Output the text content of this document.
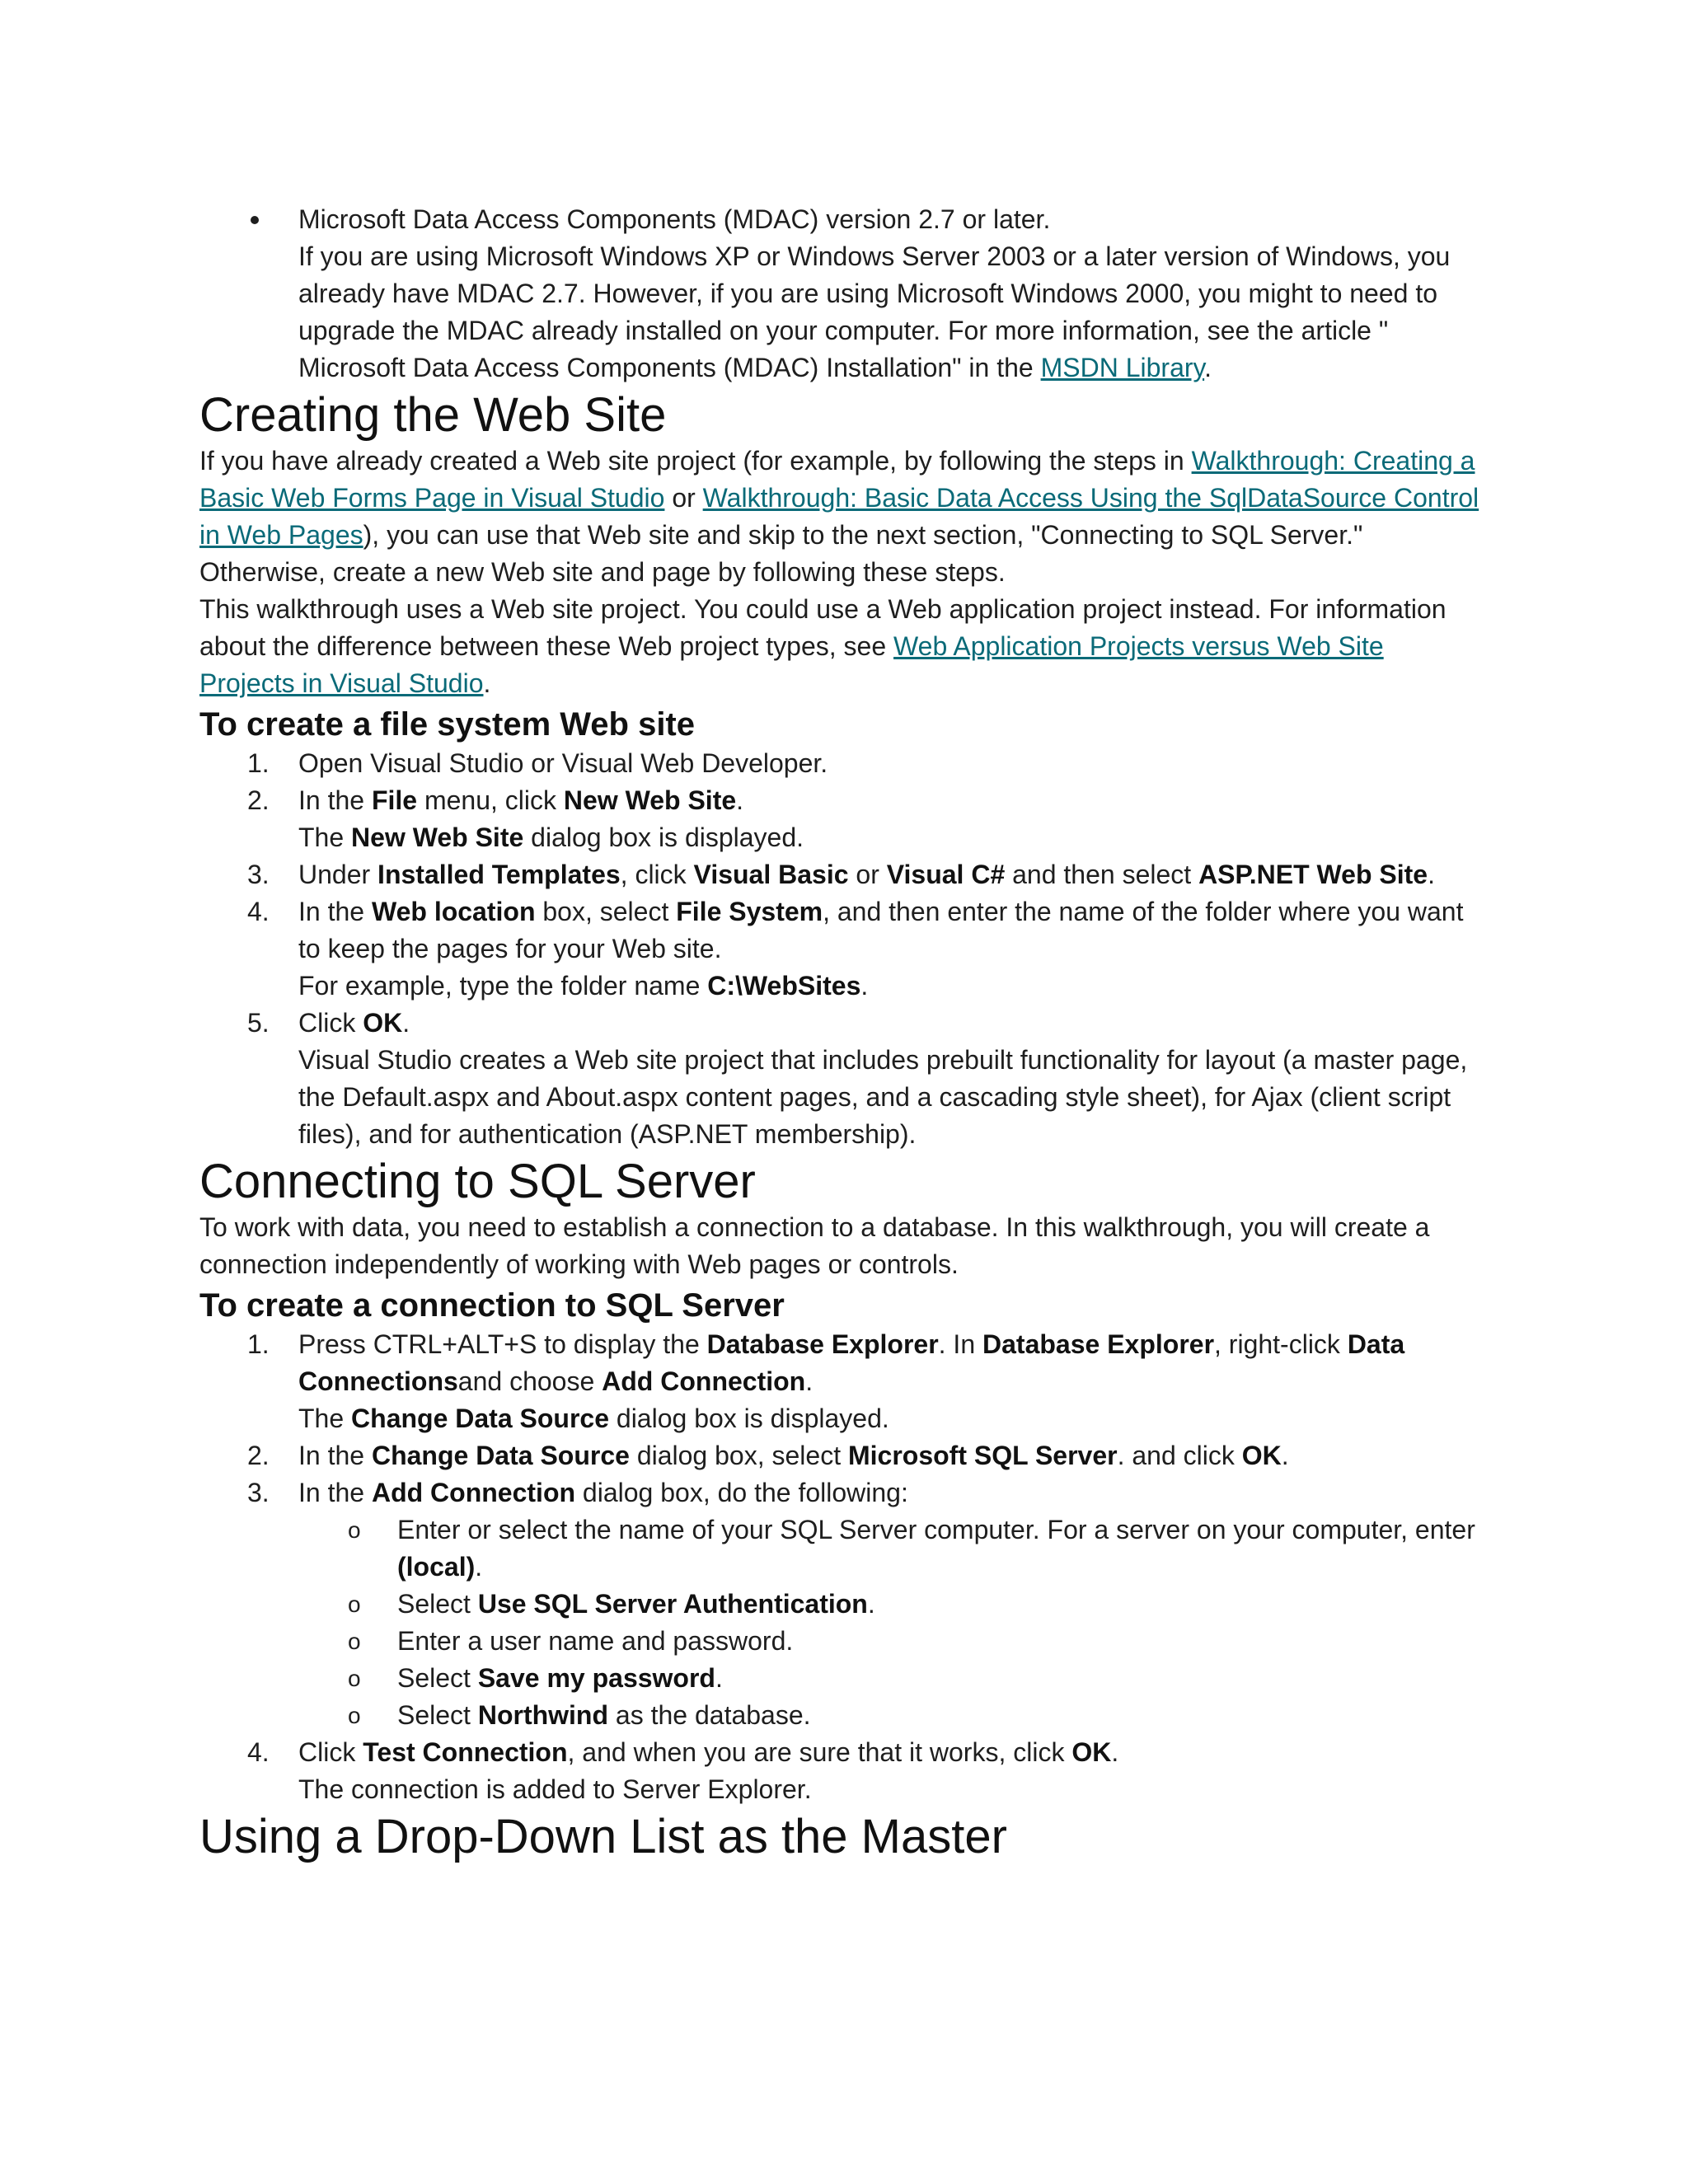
Microsoft Data Access Components (MDAC) version 2.7 or later.
If you are using Microsoft Windows XP or Windows Server 2003 or a later version of Windows, you already have MDAC 2.7. However, if you are using Microsoft Windows 2000, you might to need to upgrade the MDAC already installed on your computer. For more information, see the article " Microsoft Data Access Components (MDAC) Installation" in the MSDN Library.
Creating the Web Site

If you have already created a Web site project (for example, by following the steps in Walkthrough: Creating a Basic Web Forms Page in Visual Studio or Walkthrough: Basic Data Access Using the SqlDataSource Control in Web Pages), you can use that Web site and skip to the next section, "Connecting to SQL Server." Otherwise, create a new Web site and page by following these steps.

This walkthrough uses a Web site project. You could use a Web application project instead. For information about the difference between these Web project types, see Web Application Projects versus Web Site Projects in Visual Studio.

To create a file system Web site
1.	Open Visual Studio or Visual Web Developer.
2.	In the File menu, click New Web Site.
The New Web Site dialog box is displayed.
3.	Under Installed Templates, click Visual Basic or Visual C# and then select ASP.NET Web Site.
4.	In the Web location box, select File System, and then enter the name of the folder where you want to keep the pages for your Web site.
For example, type the folder name C:\WebSites.
5.	Click OK.
Visual Studio creates a Web site project that includes prebuilt functionality for layout (a master page, the Default.aspx and About.aspx content pages, and a cascading style sheet), for Ajax (client script files), and for authentication (ASP.NET membership).
Connecting to SQL Server

To work with data, you need to establish a connection to a database. In this walkthrough, you will create a connection independently of working with Web pages or controls.

To create a connection to SQL Server
1.	Press CTRL+ALT+S to display the Database Explorer. In Database Explorer, right-click Data Connectionsand choose Add Connection.
The Change Data Source dialog box is displayed.
2.	In the Change Data Source dialog box, select Microsoft SQL Server. and click OK.
3.	In the Add Connection dialog box, do the following:
o	Enter or select the name of your SQL Server computer. For a server on your computer, enter (local).
o	Select Use SQL Server Authentication.
o	Enter a user name and password.
o	Select Save my password.
o	Select Northwind as the database.
4.	Click Test Connection, and when you are sure that it works, click OK.
The connection is added to Server Explorer.
Using a Drop-Down List as the Master
